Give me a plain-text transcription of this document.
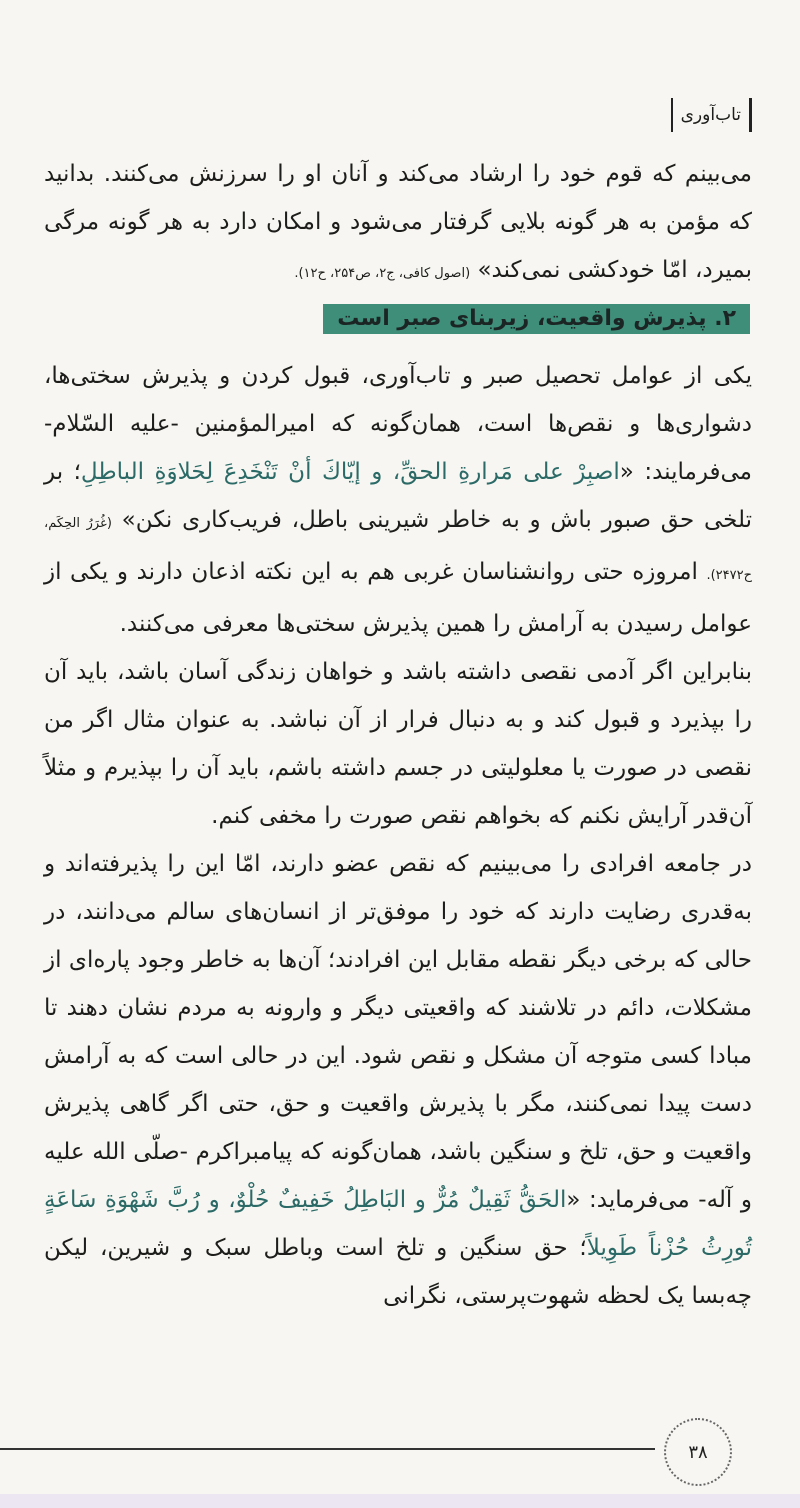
تاب‌آوری

می‌بینم که قوم خود را ارشاد می‌کند و آنان او را سرزنش می‌کنند. بدانید که مؤمن به هر گونه بلایی گرفتار می‌شود و امکان دارد به هر گونه مرگی بمیرد، امّا خودکشی نمی‌کند» (اصول کافی، ج۲، ص۲۵۴، ح۱۲).

۲. پذیرش واقعیت، زیربنای صبر است

یکی از عوامل تحصیل صبر و تاب‌آوری، قبول کردن و پذیرش سختی‌ها، دشواری‌ها و نقص‌ها است، همان‌گونه که امیرالمؤمنین -علیه السّلام- می‌فرمایند: «اصبِرْ علی مَرارةِ الحقِّ، و إيّاكَ أنْ تَنْخَدِعَ لِحَلاوَةِ الباطِلِ؛ بر تلخی حق صبور باش و به خاطر شیرینی باطل، فریب‌کاری نکن» (غُرَرُ الحِكَم، ح۲۴۷۲). امروزه حتی روانشناسان غربی هم به این نکته اذعان دارند و یکی از عوامل رسیدن به آرامش را همین پذیرش سختی‌ها معرفی می‌کنند.

بنابراین اگر آدمی نقصی داشته باشد و خواهان زندگی آسان باشد، باید آن را بپذیرد و قبول کند و به دنبال فرار از آن نباشد. به عنوان مثال اگر من نقصی در صورت یا معلولیتی در جسم داشته باشم، باید آن را بپذیرم و مثلاً آن‌قدر آرایش نکنم که بخواهم نقص صورت را مخفی کنم.

در جامعه افرادی را می‌بینیم که نقص عضو دارند، امّا این را پذیرفته‌اند و به‌قدری رضایت دارند که خود را موفق‌تر از انسان‌های سالم می‌دانند، در حالی که برخی دیگر نقطه مقابل این افرادند؛ آن‌ها به خاطر وجود پاره‌ای از مشکلات، دائم در تلاشند که واقعیتی دیگر و وارونه به مردم نشان دهند تا مبادا کسی متوجه آن مشکل و نقص شود. این در حالی است که به آرامش دست پیدا نمی‌کنند، مگر با پذیرش واقعیت و حق، حتی اگر گاهی پذیرش واقعیت و حق، تلخ و سنگین باشد، همان‌گونه که پیامبراکرم -صلّی الله علیه و آله- می‌فرماید: «الحَقُّ ثَقِيلٌ مُرٌّ و البَاطِلُ خَفِيفٌ حُلْوٌ، و رُبَّ شَهْوَةِ سَاعَةٍ تُورِثُ حُزْناً طَوِيلاً؛ حق سنگین و تلخ است وباطل سبک و شیرین، لیکن چه‌بسا یک لحظه شهوت‌پرستی، نگرانی

۳۸
